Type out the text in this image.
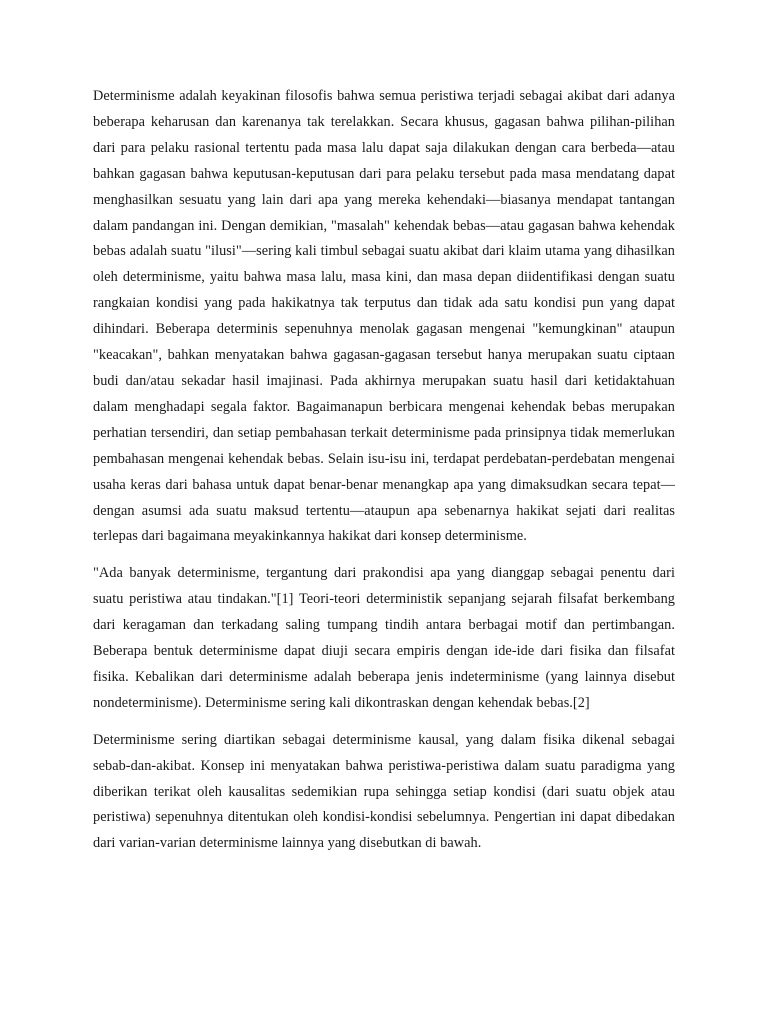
Determinisme adalah keyakinan filosofis bahwa semua peristiwa terjadi sebagai akibat dari adanya beberapa keharusan dan karenanya tak terelakkan. Secara khusus, gagasan bahwa pilihan-pilihan dari para pelaku rasional tertentu pada masa lalu dapat saja dilakukan dengan cara berbeda—atau bahkan gagasan bahwa keputusan-keputusan dari para pelaku tersebut pada masa mendatang dapat menghasilkan sesuatu yang lain dari apa yang mereka kehendaki—biasanya mendapat tantangan dalam pandangan ini. Dengan demikian, "masalah" kehendak bebas—atau gagasan bahwa kehendak bebas adalah suatu "ilusi"—sering kali timbul sebagai suatu akibat dari klaim utama yang dihasilkan oleh determinisme, yaitu bahwa masa lalu, masa kini, dan masa depan diidentifikasi dengan suatu rangkaian kondisi yang pada hakikatnya tak terputus dan tidak ada satu kondisi pun yang dapat dihindari. Beberapa determinis sepenuhnya menolak gagasan mengenai "kemungkinan" ataupun "keacakan", bahkan menyatakan bahwa gagasan-gagasan tersebut hanya merupakan suatu ciptaan budi dan/atau sekadar hasil imajinasi. Pada akhirnya merupakan suatu hasil dari ketidaktahuan dalam menghadapi segala faktor. Bagaimanapun berbicara mengenai kehendak bebas merupakan perhatian tersendiri, dan setiap pembahasan terkait determinisme pada prinsipnya tidak memerlukan pembahasan mengenai kehendak bebas. Selain isu-isu ini, terdapat perdebatan-perdebatan mengenai usaha keras dari bahasa untuk dapat benar-benar menangkap apa yang dimaksudkan secara tepat—dengan asumsi ada suatu maksud tertentu—ataupun apa sebenarnya hakikat sejati dari realitas terlepas dari bagaimana meyakinkannya hakikat dari konsep determinisme.

"Ada banyak determinisme, tergantung dari prakondisi apa yang dianggap sebagai penentu dari suatu peristiwa atau tindakan."[1] Teori-teori deterministik sepanjang sejarah filsafat berkembang dari keragaman dan terkadang saling tumpang tindih antara berbagai motif dan pertimbangan. Beberapa bentuk determinisme dapat diuji secara empiris dengan ide-ide dari fisika dan filsafat fisika. Kebalikan dari determinisme adalah beberapa jenis indeterminisme (yang lainnya disebut nondeterminisme). Determinisme sering kali dikontraskan dengan kehendak bebas.[2]

Determinisme sering diartikan sebagai determinisme kausal, yang dalam fisika dikenal sebagai sebab-dan-akibat. Konsep ini menyatakan bahwa peristiwa-peristiwa dalam suatu paradigma yang diberikan terikat oleh kausalitas sedemikian rupa sehingga setiap kondisi (dari suatu objek atau peristiwa) sepenuhnya ditentukan oleh kondisi-kondisi sebelumnya. Pengertian ini dapat dibedakan dari varian-varian determinisme lainnya yang disebutkan di bawah.
